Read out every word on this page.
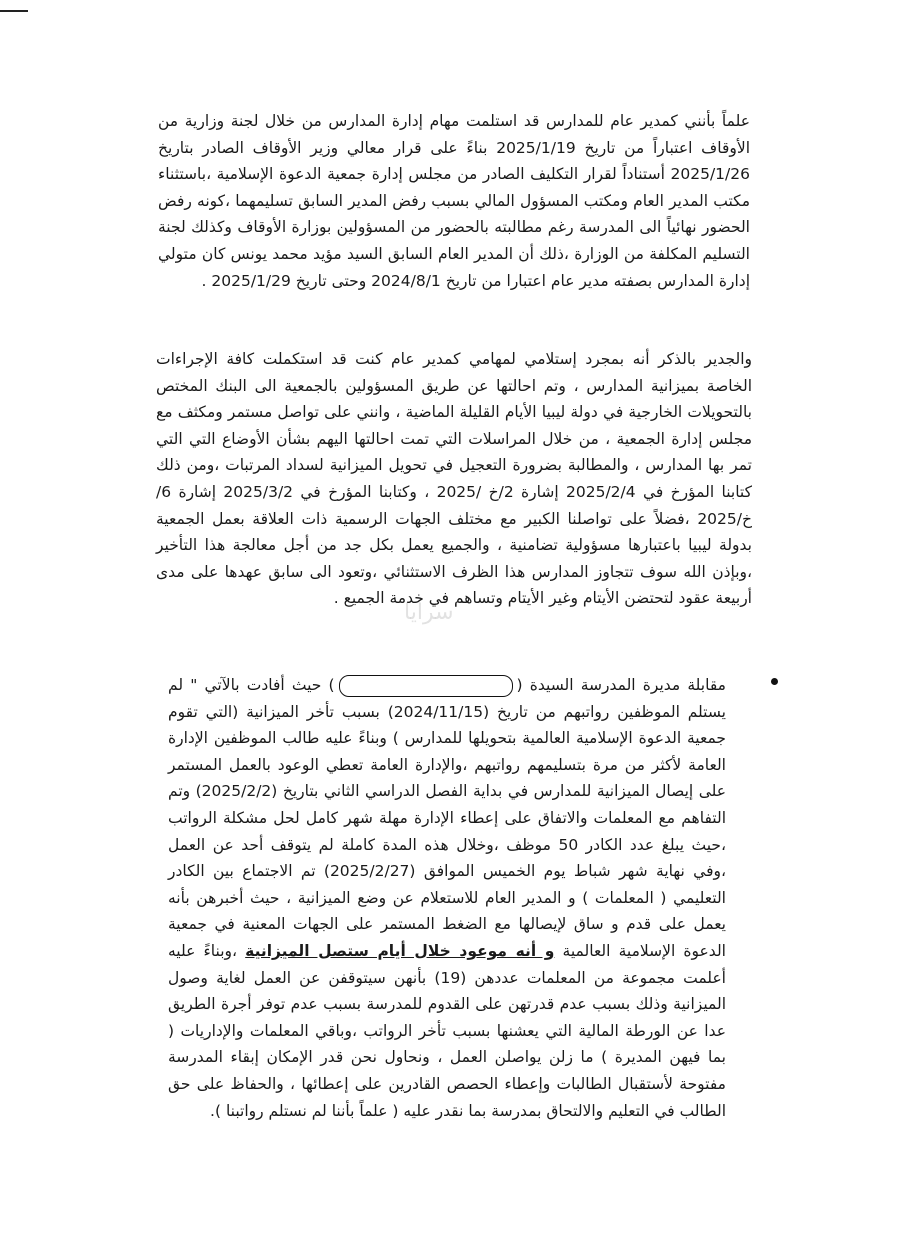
علماً بأنني كمدير عام للمدارس قد استلمت مهام إدارة المدارس من خلال لجنة وزارية من الأوقاف اعتباراً من تاريخ 2025/1/19 بناءً على قرار معالي وزير الأوقاف الصادر بتاريخ 2025/1/26 أستناداً لقرار التكليف الصادر من مجلس إدارة جمعية الدعوة الإسلامية ،باستثناء مكتب المدير العام ومكتب المسؤول المالي بسبب رفض المدير السابق تسليمهما ،كونه رفض الحضور نهائياً الى المدرسة رغم مطالبته بالحضور من المسؤولين بوزارة الأوقاف وكذلك لجنة التسليم المكلفة من الوزارة ،ذلك أن المدير العام السابق السيد مؤيد محمد يونس كان متولي إدارة المدارس بصفته مدير عام اعتبارا من تاريخ 2024/8/1 وحتى تاريخ 2025/1/29 .

والجدير بالذكر أنه بمجرد إستلامي لمهامي كمدير عام كنت قد استكملت كافة الإجراءات الخاصة بميزانية المدارس ، وتم احالتها عن طريق المسؤولين بالجمعية الى البنك المختص بالتحويلات الخارجية في دولة ليبيا الأيام القليلة الماضية ، وانني على تواصل مستمر ومكثف مع مجلس إدارة الجمعية ، من خلال المراسلات التي تمت احالتها اليهم بشأن الأوضاع التي التي تمر بها المدارس ، والمطالبة بضرورة التعجيل في تحويل الميزانية لسداد المرتبات ،ومن ذلك كتابنا المؤرخ في 2025/2/4 إشارة 2/خ /2025 ، وكتابنا المؤرخ في 2025/3/2 إشارة 6/خ/2025 ،فضلاً على تواصلنا الكبير مع مختلف الجهات الرسمية ذات العلاقة بعمل الجمعية بدولة ليبيا باعتبارها مسؤولية تضامنية ، والجميع يعمل بكل جد من أجل معالجة هذا التأخير ،وبإذن الله سوف تتجاوز المدارس هذا الظرف الاستثنائي ،وتعود الى سابق عهدها على مدى أربيعة عقود لتحتضن الأيتام وغير الأيتام وتساهم في خدمة الجميع .

سرايا

مقابلة مديرة المدرسة السيدة () حيث أفادت بالآتي " لم يستلم الموظفين رواتبهم من تاريخ (2024/11/15) بسبب تأخر الميزانية (التي تقوم جمعية الدعوة الإسلامية العالمية بتحويلها للمدارس ) وبناءً عليه طالب الموظفين الإدارة العامة لأكثر من مرة بتسليمهم رواتبهم ،والإدارة العامة تعطي الوعود بالعمل المستمر على إيصال الميزانية للمدارس في بداية الفصل الدراسي الثاني بتاريخ (2025/2/2) وتم التفاهم مع المعلمات والاتفاق على إعطاء الإدارة مهلة شهر كامل لحل مشكلة الرواتب ،حيث يبلغ عدد الكادر 50 موظف ،وخلال هذه المدة كاملة لم يتوقف أحد عن العمل ،وفي نهاية شهر شباط يوم الخميس الموافق (2025/2/27) تم الاجتماع بين الكادر التعليمي ( المعلمات ) و المدير العام للاستعلام عن وضع الميزانية ، حيث أخبرهن بأنه يعمل على قدم و ساق لإيصالها مع الضغط المستمر على الجهات المعنية في جمعية الدعوة الإسلامية العالمية و أنه موعود خلال أيام ستصل الميزانية ،وبناءً عليه أعلمت مجموعة من المعلمات عددهن (19) بأنهن سيتوقفن عن العمل لغاية وصول الميزانية وذلك بسبب عدم قدرتهن على القدوم للمدرسة بسبب عدم توفر أجرة الطريق عدا عن الورطة المالية التي يعشنها بسبب تأخر الرواتب ،وباقي المعلمات والإداريات ( بما فيهن المديرة ) ما زلن يواصلن العمل ، ونحاول نحن قدر الإمكان إبقاء المدرسة مفتوحة لأستقبال الطالبات وإعطاء الحصص القادرين على إعطائها ، والحفاظ على حق الطالب في التعليم والالتحاق بمدرسة بما نقدر عليه ( علماً بأننا لم نستلم رواتبنا ).
